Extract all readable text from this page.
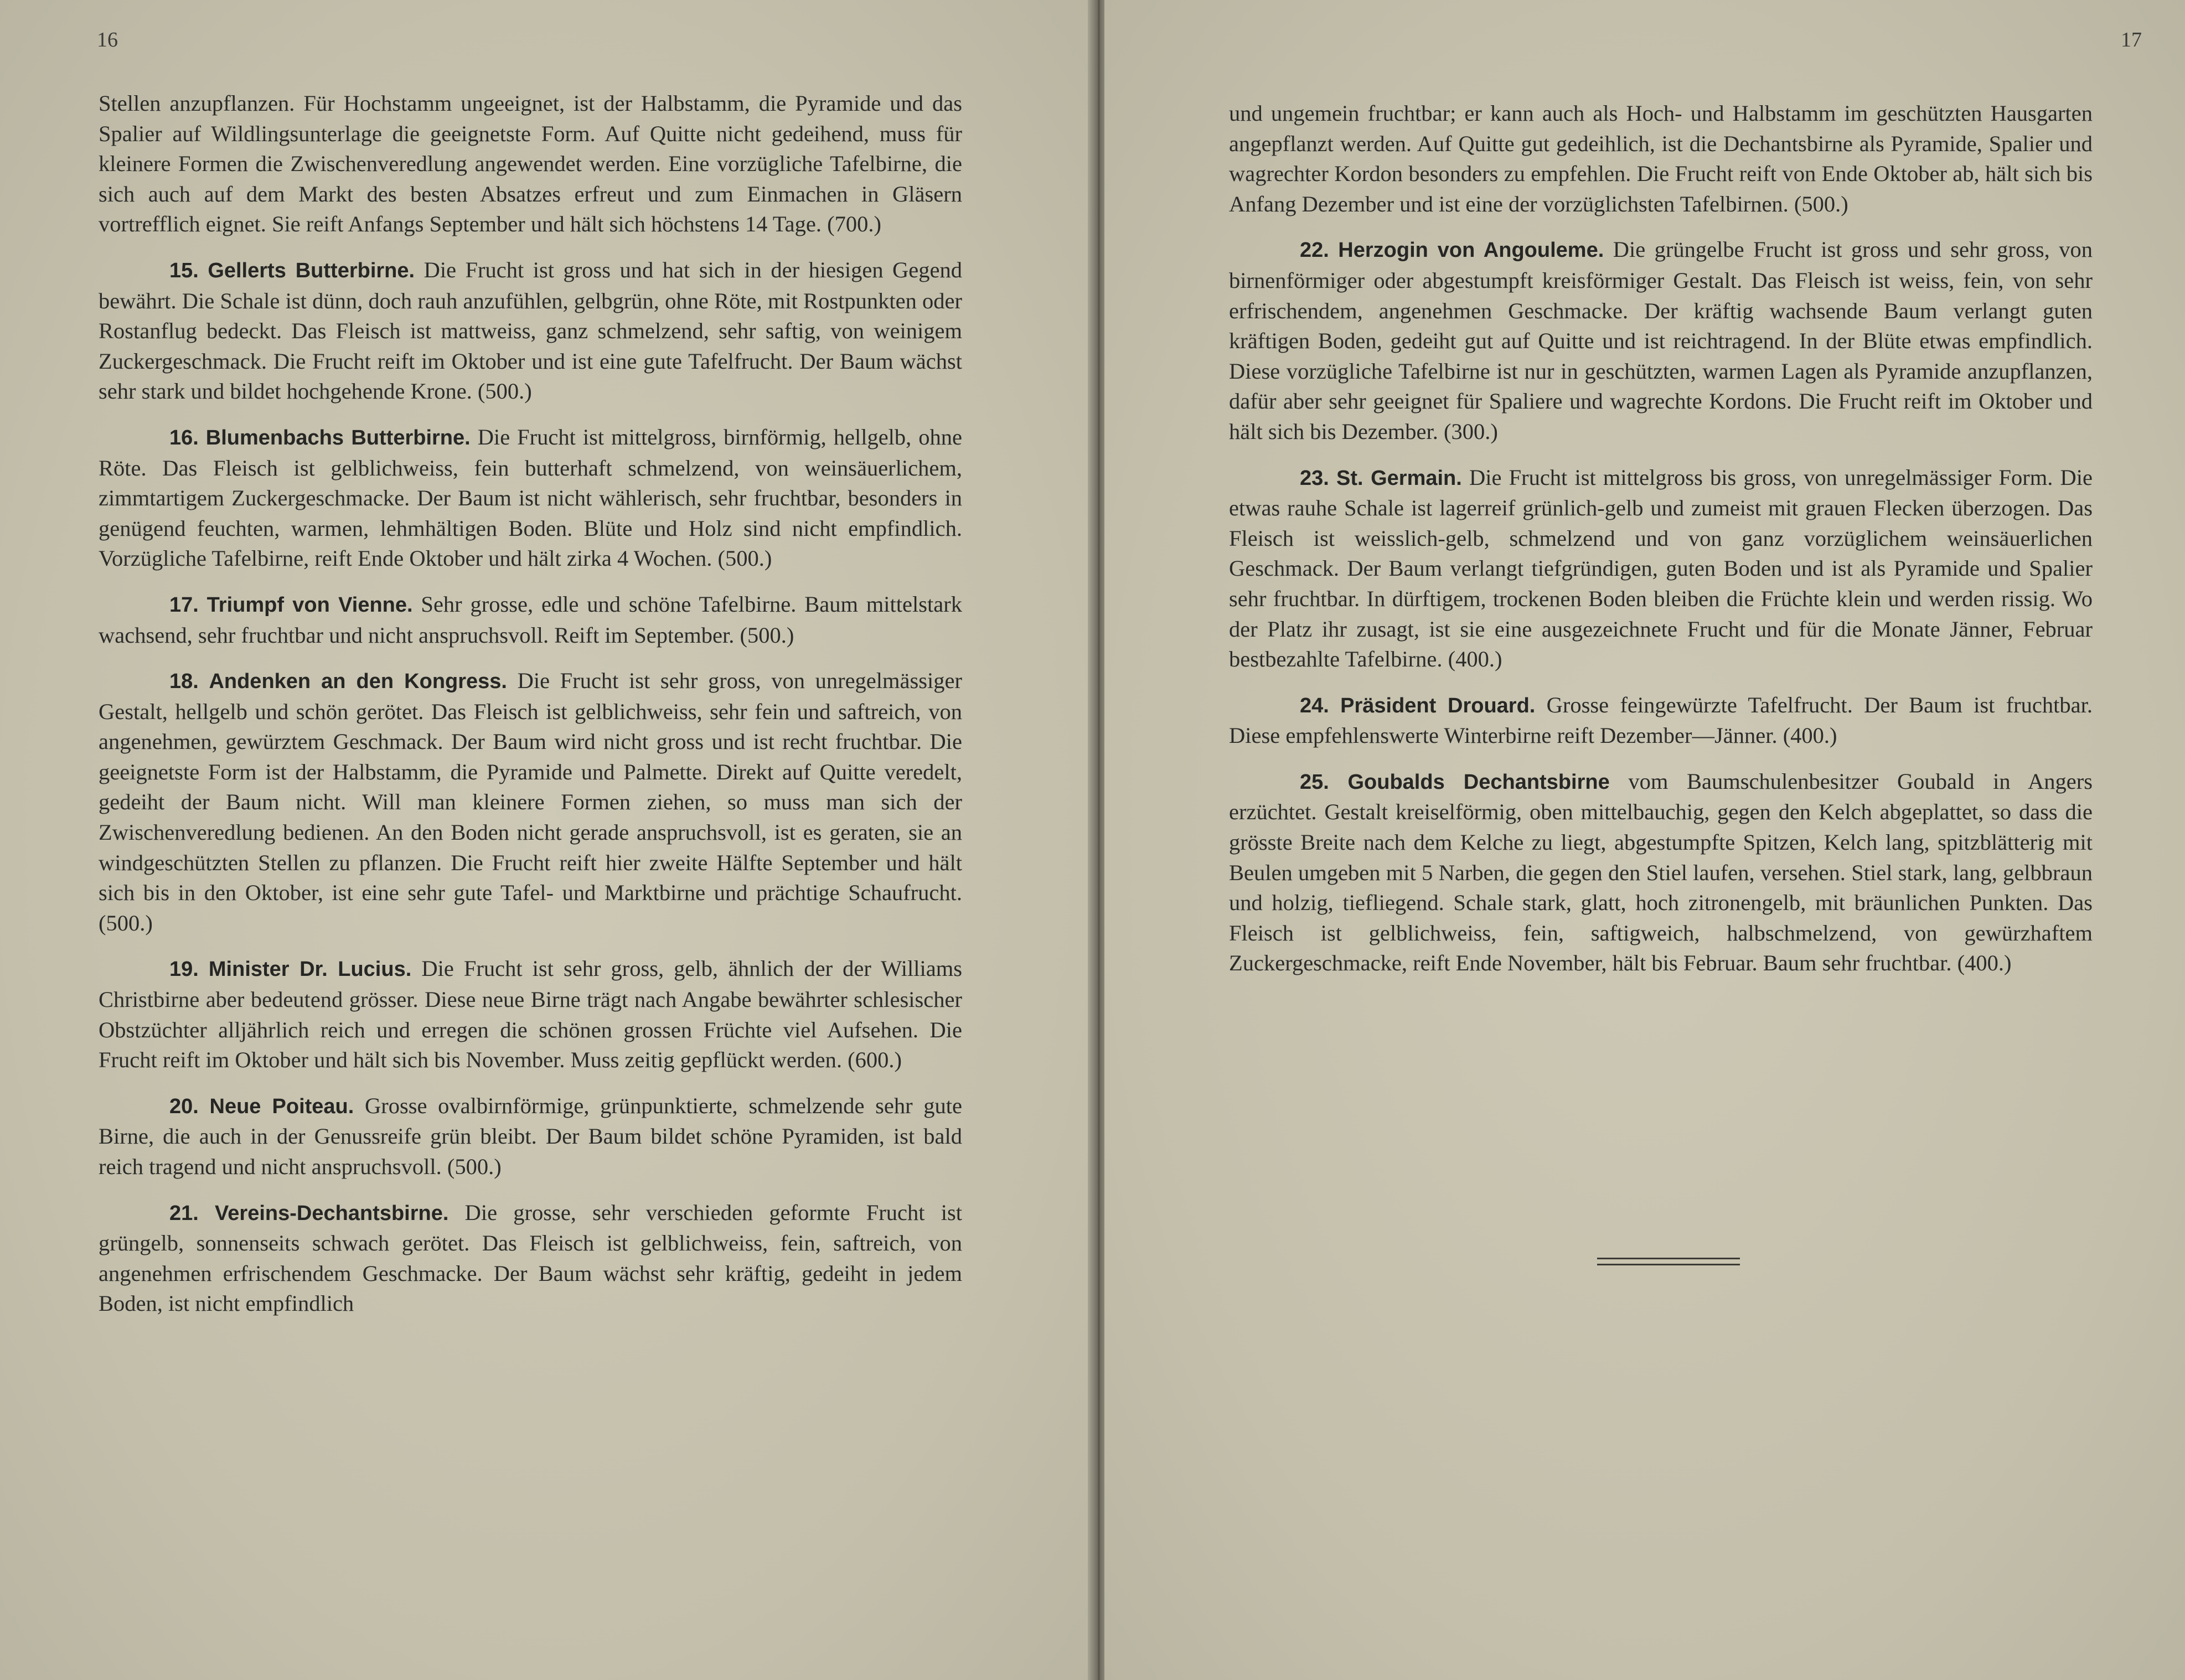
16

Stellen anzupflanzen. Für Hochstamm ungeeignet, ist der Halbstamm, die Pyramide und das Spalier auf Wildlingsunterlage die geeignetste Form. Auf Quitte nicht gedeihend, muss für kleinere Formen die Zwischenveredlung angewendet werden. Eine vorzügliche Tafelbirne, die sich auch auf dem Markt des besten Absatzes erfreut und zum Einmachen in Gläsern vortrefflich eignet. Sie reift Anfangs September und hält sich höchstens 14 Tage. (700.)

15. Gellerts Butterbirne. Die Frucht ist gross und hat sich in der hiesigen Gegend bewährt. Die Schale ist dünn, doch rauh anzufühlen, gelbgrün, ohne Röte, mit Rostpunkten oder Rostanflug bedeckt. Das Fleisch ist mattweiss, ganz schmelzend, sehr saftig, von weinigem Zuckergeschmack. Die Frucht reift im Oktober und ist eine gute Tafelfrucht. Der Baum wächst sehr stark und bildet hochgehende Krone. (500.)

16. Blumenbachs Butterbirne. Die Frucht ist mittelgross, birnförmig, hellgelb, ohne Röte. Das Fleisch ist gelblichweiss, fein butterhaft schmelzend, von weinsäuerlichem, zimmtartigem Zuckergeschmacke. Der Baum ist nicht wählerisch, sehr fruchtbar, besonders in genügend feuchten, warmen, lehmhältigen Boden. Blüte und Holz sind nicht empfindlich. Vorzügliche Tafelbirne, reift Ende Oktober und hält zirka 4 Wochen. (500.)

17. Triumpf von Vienne. Sehr grosse, edle und schöne Tafelbirne. Baum mittelstark wachsend, sehr fruchtbar und nicht anspruchsvoll. Reift im September. (500.)

18. Andenken an den Kongress. Die Frucht ist sehr gross, von unregelmässiger Gestalt, hellgelb und schön gerötet. Das Fleisch ist gelblichweiss, sehr fein und saftreich, von angenehmen, gewürztem Geschmack. Der Baum wird nicht gross und ist recht fruchtbar. Die geeignetste Form ist der Halbstamm, die Pyramide und Palmette. Direkt auf Quitte veredelt, gedeiht der Baum nicht. Will man kleinere Formen ziehen, so muss man sich der Zwischenveredlung bedienen. An den Boden nicht gerade anspruchsvoll, ist es geraten, sie an windgeschützten Stellen zu pflanzen. Die Frucht reift hier zweite Hälfte September und hält sich bis in den Oktober, ist eine sehr gute Tafel- und Marktbirne und prächtige Schaufrucht. (500.)

19. Minister Dr. Lucius. Die Frucht ist sehr gross, gelb, ähnlich der der Williams Christbirne aber bedeutend grösser. Diese neue Birne trägt nach Angabe bewährter schlesischer Obstzüchter alljährlich reich und erregen die schönen grossen Früchte viel Aufsehen. Die Frucht reift im Oktober und hält sich bis November. Muss zeitig gepflückt werden. (600.)

20. Neue Poiteau. Grosse ovalbirnförmige, grünpunktierte, schmelzende sehr gute Birne, die auch in der Genussreife grün bleibt. Der Baum bildet schöne Pyramiden, ist bald reich tragend und nicht anspruchsvoll. (500.)

21. Vereins-Dechantsbirne. Die grosse, sehr verschieden geformte Frucht ist grüngelb, sonnenseits schwach gerötet. Das Fleisch ist gelblichweiss, fein, saftreich, von angenehmen erfrischendem Geschmacke. Der Baum wächst sehr kräftig, gedeiht in jedem Boden, ist nicht empfindlich

17

und ungemein fruchtbar; er kann auch als Hoch- und Halbstamm im geschützten Hausgarten angepflanzt werden. Auf Quitte gut gedeihlich, ist die Dechantsbirne als Pyramide, Spalier und wagrechter Kordon besonders zu empfehlen. Die Frucht reift von Ende Oktober ab, hält sich bis Anfang Dezember und ist eine der vorzüglichsten Tafelbirnen. (500.)

22. Herzogin von Angouleme. Die grüngelbe Frucht ist gross und sehr gross, von birnenförmiger oder abgestumpft kreisförmiger Gestalt. Das Fleisch ist weiss, fein, von sehr erfrischendem, angenehmen Geschmacke. Der kräftig wachsende Baum verlangt guten kräftigen Boden, gedeiht gut auf Quitte und ist reichtragend. In der Blüte etwas empfindlich. Diese vorzügliche Tafelbirne ist nur in geschützten, warmen Lagen als Pyramide anzupflanzen, dafür aber sehr geeignet für Spaliere und wagrechte Kordons. Die Frucht reift im Oktober und hält sich bis Dezember. (300.)

23. St. Germain. Die Frucht ist mittelgross bis gross, von unregelmässiger Form. Die etwas rauhe Schale ist lagerreif grünlich-gelb und zumeist mit grauen Flecken überzogen. Das Fleisch ist weisslich-gelb, schmelzend und von ganz vorzüglichem weinsäuerlichen Geschmack. Der Baum verlangt tiefgründigen, guten Boden und ist als Pyramide und Spalier sehr fruchtbar. In dürftigem, trockenen Boden bleiben die Früchte klein und werden rissig. Wo der Platz ihr zusagt, ist sie eine ausgezeichnete Frucht und für die Monate Jänner, Februar bestbezahlte Tafelbirne. (400.)

24. Präsident Drouard. Grosse feingewürzte Tafelfrucht. Der Baum ist fruchtbar. Diese empfehlenswerte Winterbirne reift Dezember—Jänner. (400.)

25. Goubalds Dechantsbirne vom Baumschulenbesitzer Goubald in Angers erzüchtet. Gestalt kreiselförmig, oben mittelbauchig, gegen den Kelch abgeplattet, so dass die grösste Breite nach dem Kelche zu liegt, abgestumpfte Spitzen, Kelch lang, spitzblätterig mit Beulen umgeben mit 5 Narben, die gegen den Stiel laufen, versehen. Stiel stark, lang, gelbbraun und holzig, tiefliegend. Schale stark, glatt, hoch zitronengelb, mit bräunlichen Punkten. Das Fleisch ist gelblichweiss, fein, saftigweich, halbschmelzend, von gewürzhaftem Zuckergeschmacke, reift Ende November, hält bis Februar. Baum sehr fruchtbar. (400.)
